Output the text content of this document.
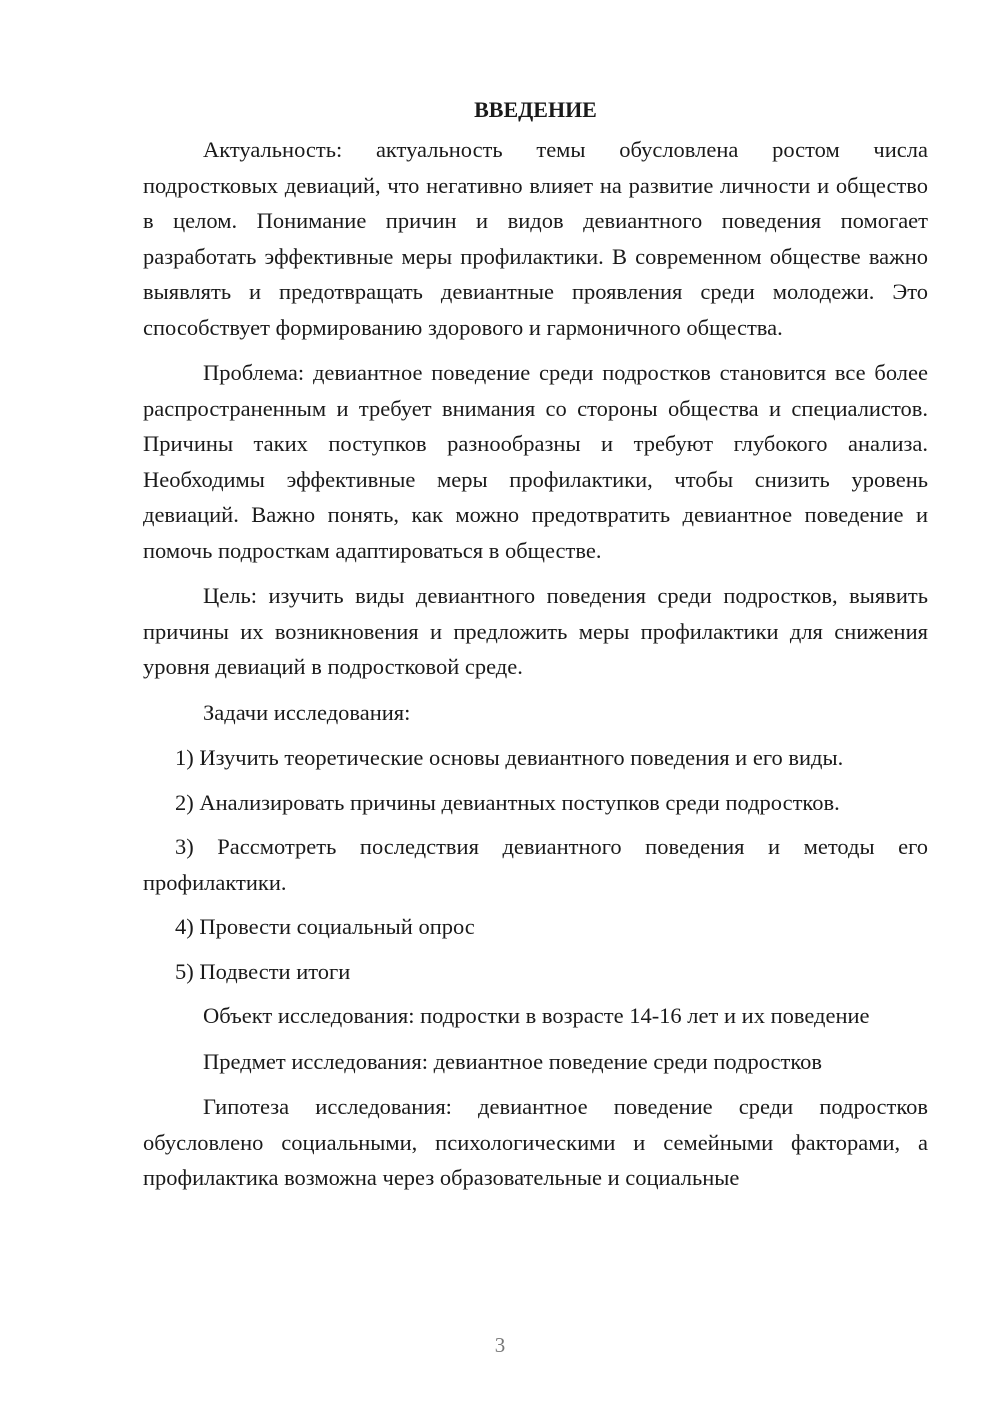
ВВЕДЕНИЕ

Актуальность: актуальность темы обусловлена ростом числа подростковых девиаций, что негативно влияет на развитие личности и общество в целом. Понимание причин и видов девиантного поведения помогает разработать эффективные меры профилактики. В современном обществе важно выявлять и предотвращать девиантные проявления среди молодежи. Это способствует формированию здорового и гармоничного общества.

Проблема: девиантное поведение среди подростков становится все более распространенным и требует внимания со стороны общества и специалистов. Причины таких поступков разнообразны и требуют глубокого анализа. Необходимы эффективные меры профилактики, чтобы снизить уровень девиаций. Важно понять, как можно предотвратить девиантное поведение и помочь подросткам адаптироваться в обществе.

Цель: изучить виды девиантного поведения среди подростков, выявить причины их возникновения и предложить меры профилактики для снижения уровня девиаций в подростковой среде.

Задачи исследования:

1) Изучить теоретические основы девиантного поведения и его виды.

2) Анализировать причины девиантных поступков среди подростков.

3) Рассмотреть последствия девиантного поведения и методы его профилактики.

4) Провести социальный опрос

5) Подвести итоги

Объект исследования: подростки в возрасте 14-16 лет и их поведение

Предмет исследования: девиантное поведение среди подростков

Гипотеза исследования: девиантное поведение среди подростков обусловлено социальными, психологическими и семейными факторами, а профилактика возможна через образовательные и социальные

3
